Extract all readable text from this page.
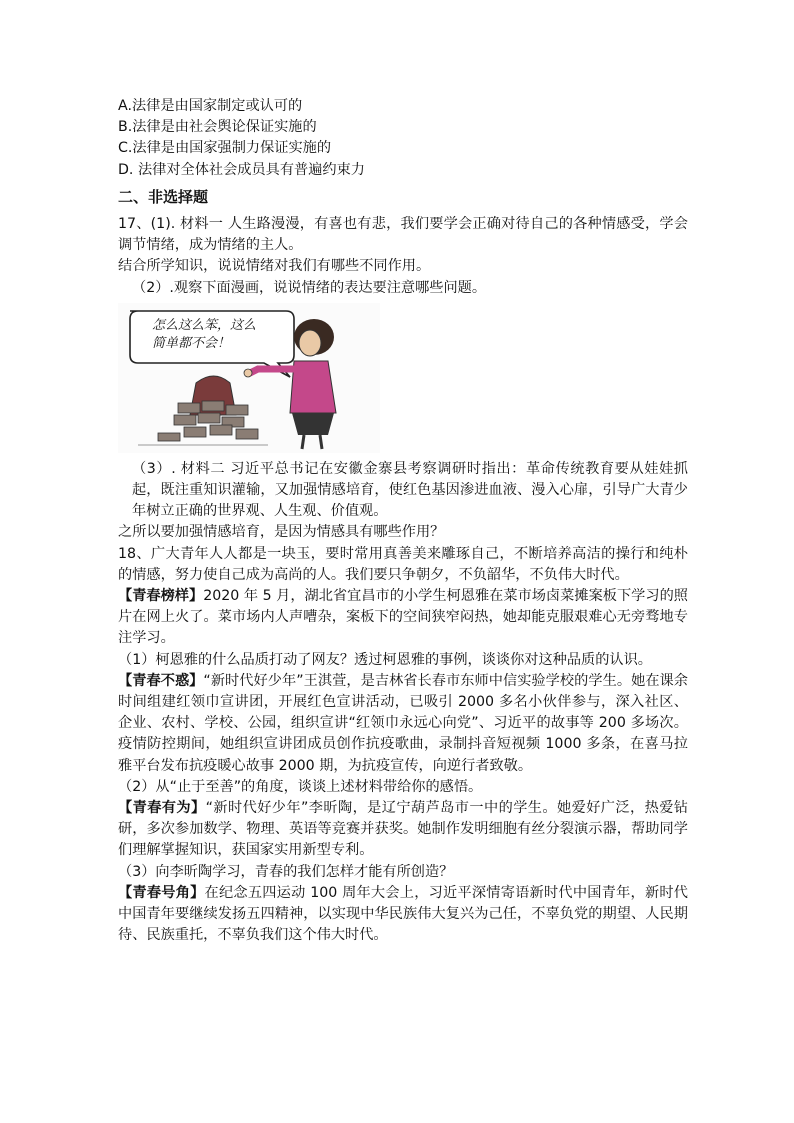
A.法律是由国家制定或认可的

B.法律是由社会舆论保证实施的

C.法律是由国家强制力保证实施的

D. 法律对全体社会成员具有普遍约束力

二、非选择题

17、(1). 材料一 人生路漫漫，有喜也有悲，我们要学会正确对待自己的各种情感受，学会调节情绪，成为情绪的主人。

结合所学知识，说说情绪对我们有哪些不同作用。

（2）.观察下面漫画，说说情绪的表达要注意哪些问题。

怎么这么笨，这么简单都不会！

（3）. 材料二 习近平总书记在安徽金寨县考察调研时指出：革命传统教育要从娃娃抓起，既注重知识灌输，又加强情感培育，使红色基因渗进血液、漫入心扉，引导广大青少年树立正确的世界观、人生观、价值观。

之所以要加强情感培育，是因为情感具有哪些作用？

18、广大青年人人都是一块玉，要时常用真善美来雕琢自己，不断培养高洁的操行和纯朴的情感，努力使自己成为高尚的人。我们要只争朝夕，不负韶华，不负伟大时代。

【青春榜样】2020 年 5 月，湖北省宜昌市的小学生柯恩雅在菜市场卤菜摊案板下学习的照片在网上火了。菜市场内人声嘈杂，案板下的空间狭窄闷热，她却能克服艰难心无旁骛地专注学习。

（1）柯恩雅的什么品质打动了网友？透过柯恩雅的事例，谈谈你对这种品质的认识。

【青春不惑】“新时代好少年”王淇萱，是吉林省长春市东师中信实验学校的学生。她在课余时间组建红领巾宣讲团，开展红色宣讲活动，已吸引 2000 多名小伙伴参与，深入社区、企业、农村、学校、公园，组织宣讲“红领巾永远心向党”、习近平的故事等 200 多场次。疫情防控期间，她组织宣讲团成员创作抗疫歌曲，录制抖音短视频 1000 多条，在喜马拉雅平台发布抗疫暖心故事 2000 期，为抗疫宣传，向逆行者致敬。

（2）从“止于至善”的角度，谈谈上述材料带给你的感悟。

【青春有为】“新时代好少年”李昕陶，是辽宁葫芦岛市一中的学生。她爱好广泛，热爱钻研，多次参加数学、物理、英语等竞赛并获奖。她制作发明细胞有丝分裂演示器，帮助同学们理解掌握知识，获国家实用新型专利。

（3）向李昕陶学习，青春的我们怎样才能有所创造？

【青春号角】在纪念五四运动 100 周年大会上，习近平深情寄语新时代中国青年，新时代中国青年要继续发扬五四精神，以实现中华民族伟大复兴为己任，不辜负党的期望、人民期待、民族重托，不辜负我们这个伟大时代。
